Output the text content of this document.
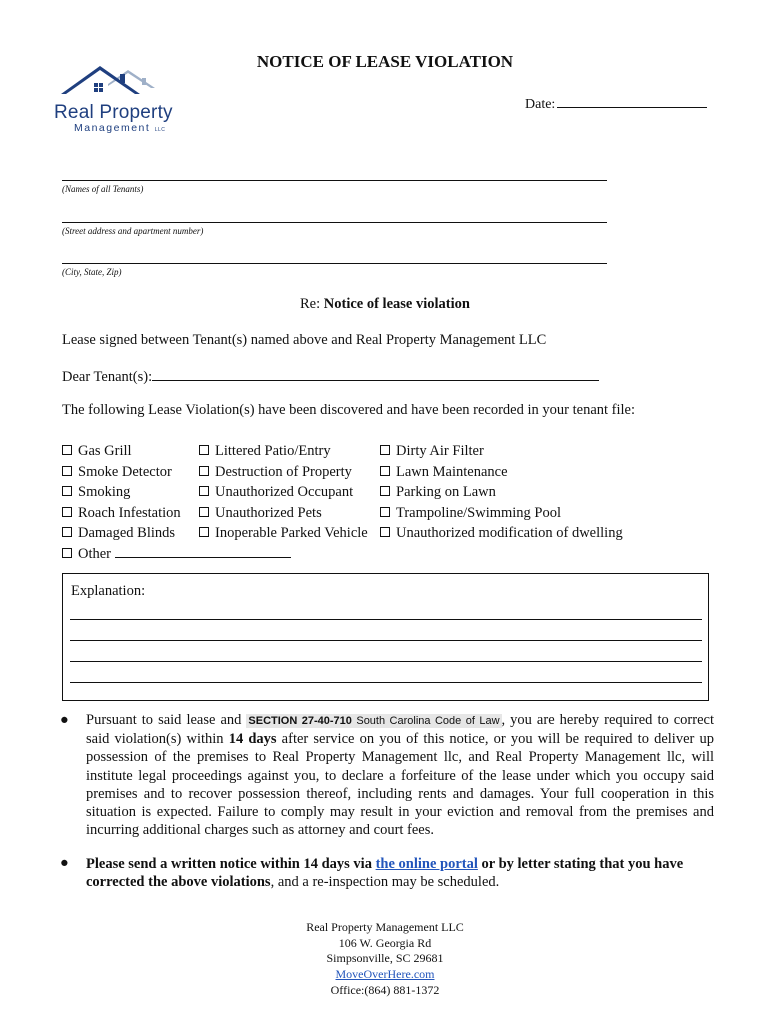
Real Property
Management LLC
NOTICE OF LEASE VIOLATION
Date:
(Names of all Tenants)
(Street address and apartment number)
(City, State, Zip)
Re: Notice of lease violation
Lease signed between Tenant(s) named above and Real Property Management LLC
Dear Tenant(s):
The following Lease Violation(s) have been discovered and have been recorded in your tenant file:
Gas Grill
Smoke Detector
Smoking
Roach Infestation
Damaged Blinds
Other
Littered Patio/Entry
Destruction of Property
Unauthorized Occupant
Unauthorized Pets
Inoperable Parked Vehicle
Dirty Air Filter
Lawn Maintenance
Parking on Lawn
Trampoline/Swimming Pool
Unauthorized modification of dwelling
Explanation:
● Pursuant to said lease and SECTION 27-40-710 South Carolina Code of Law , you are hereby required to correct said violation(s) within 14 days after service on you of this notice, or you will be required to deliver up possession of the premises to Real Property Management llc, and Real Property Management llc, will institute legal proceedings against you, to declare a forfeiture of the lease under which you occupy said premises and to recover possession thereof, including rents and damages. Your full cooperation in this situation is expected. Failure to comply may result in your eviction and removal from the premises and incurring additional charges such as attorney and court fees.
● Please send a written notice within 14 days via the online portal or by letter stating that you have corrected the above violations, and a re-inspection may be scheduled.
Real Property Management LLC
106 W. Georgia Rd
Simpsonville, SC 29681
MoveOverHere.com
Office:(864) 881-1372
